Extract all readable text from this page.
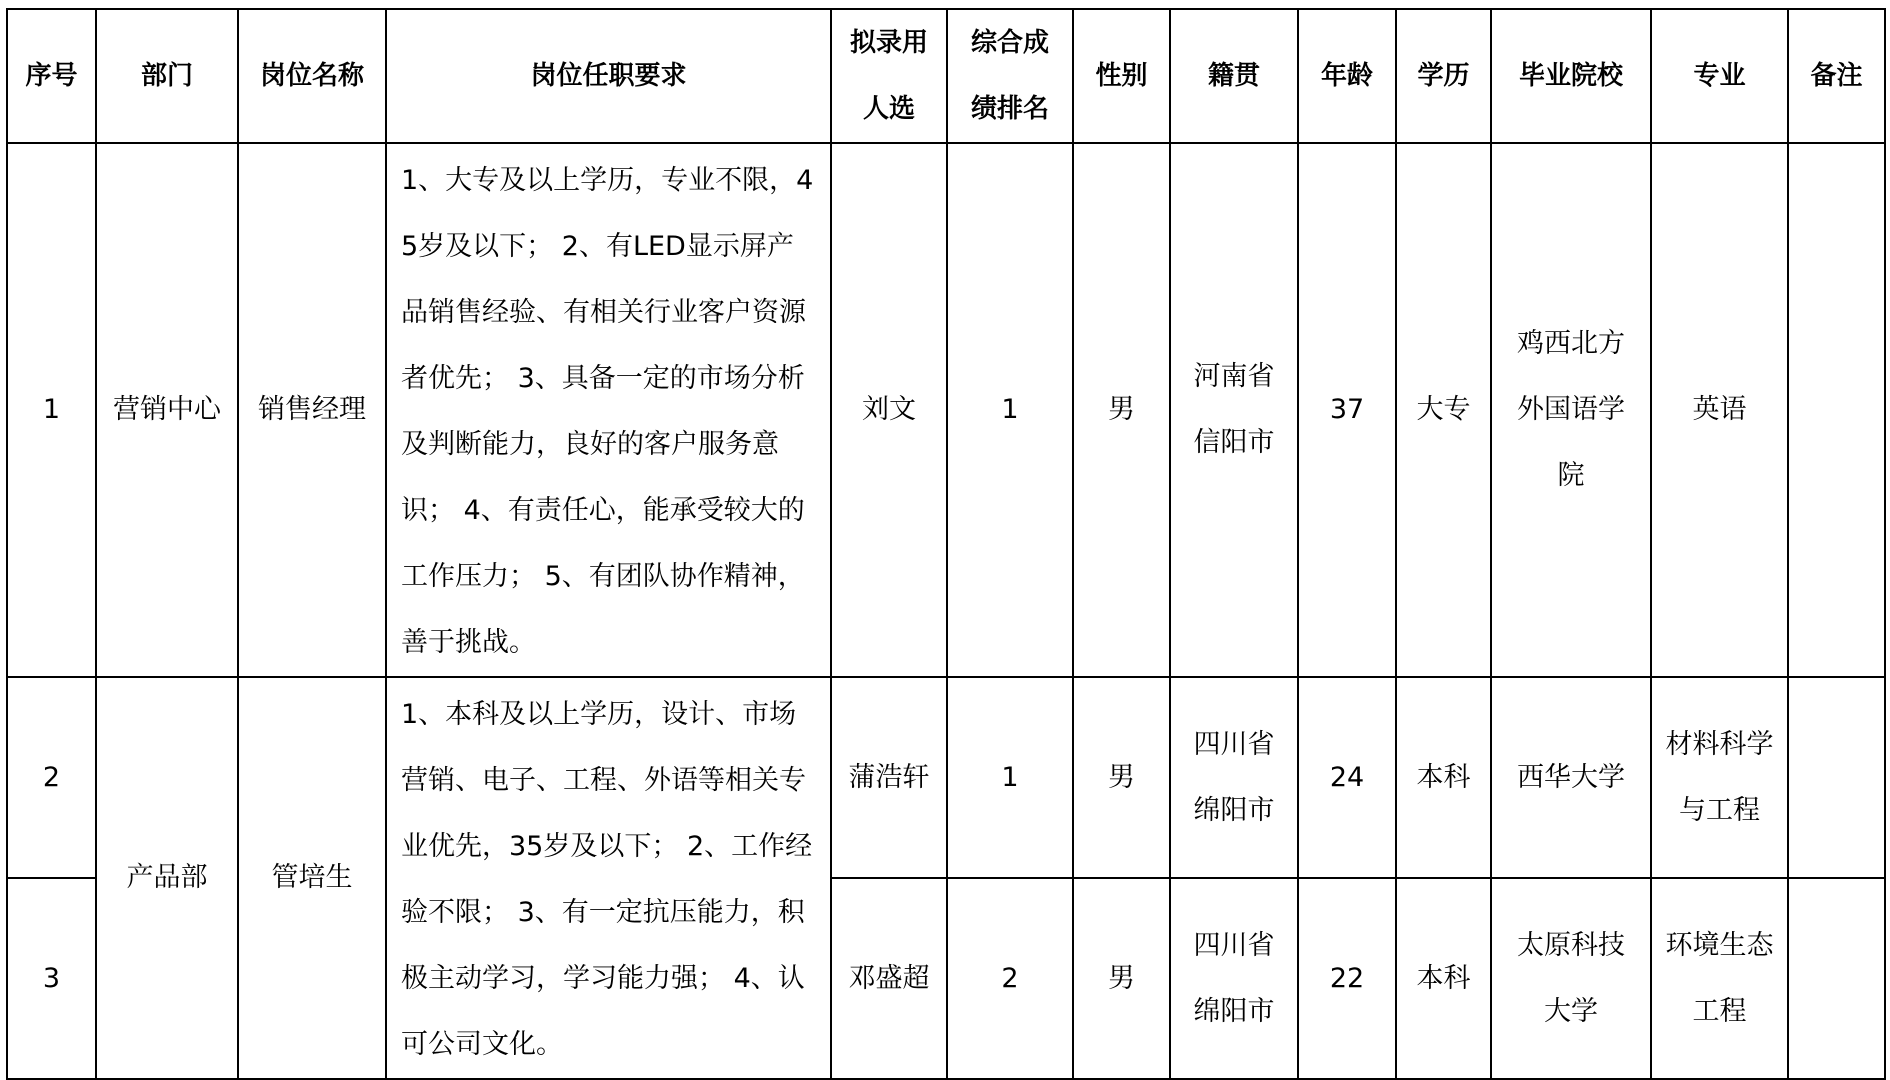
序号	部门	岗位名称	岗位任职要求	拟录用人选	综合成绩排名	性别	籍贯	年龄	学历	毕业院校	专业	备注
1	营销中心	销售经理	1、大专及以上学历，专业不限，45岁及以下； 2、有LED显示屏产品销售经验、有相关行业客户资源者优先； 3、具备一定的市场分析及判断能力，良好的客户服务意识； 4、有责任心，能承受较大的工作压力； 5、有团队协作精神，善于挑战。	刘文	1	男	河南省信阳市	37	大专	鸡西北方外国语学院	英语	
2	产品部	管培生	1、本科及以上学历，设计、市场营销、电子、工程、外语等相关专业优先，35岁及以下； 2、工作经验不限； 3、有一定抗压能力，积极主动学习，学习能力强； 4、认可公司文化。	蒲浩轩	1	男	四川省绵阳市	24	本科	西华大学	材料科学与工程	
3				邓盛超	2	男	四川省绵阳市	22	本科	太原科技大学	环境生态工程	
